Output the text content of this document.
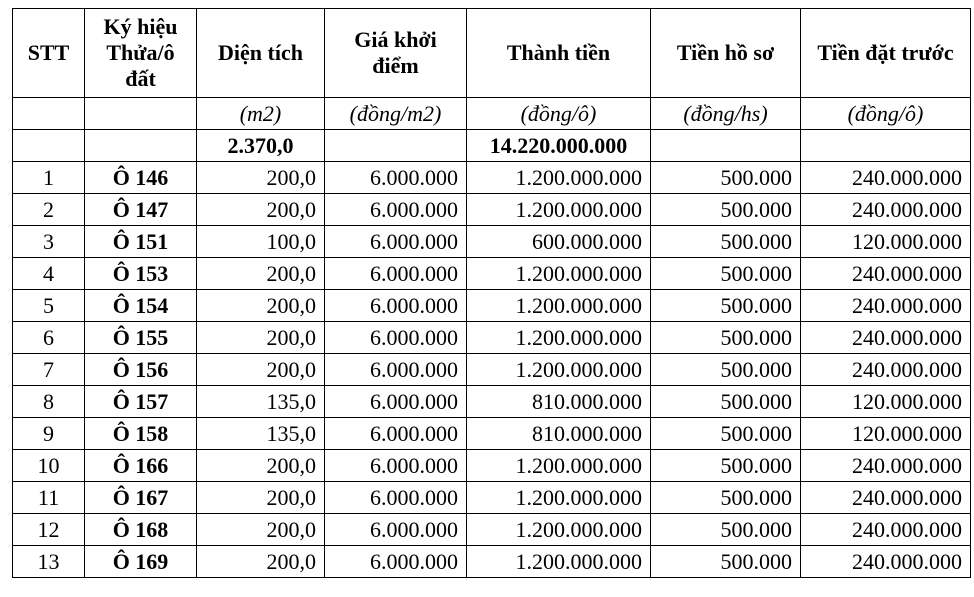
STT	Ký hiệu Thửa/ô đất	Diện tích	Giá khởi điểm	Thành tiền	Tiền hồ sơ	Tiền đặt trước
		(m2)	(đồng/m2)	(đồng/ô)	(đồng/hs)	(đồng/ô)
		2.370,0		14.220.000.000		
1	Ô 146	200,0	6.000.000	1.200.000.000	500.000	240.000.000
2	Ô 147	200,0	6.000.000	1.200.000.000	500.000	240.000.000
3	Ô 151	100,0	6.000.000	600.000.000	500.000	120.000.000
4	Ô 153	200,0	6.000.000	1.200.000.000	500.000	240.000.000
5	Ô 154	200,0	6.000.000	1.200.000.000	500.000	240.000.000
6	Ô 155	200,0	6.000.000	1.200.000.000	500.000	240.000.000
7	Ô 156	200,0	6.000.000	1.200.000.000	500.000	240.000.000
8	Ô 157	135,0	6.000.000	810.000.000	500.000	120.000.000
9	Ô 158	135,0	6.000.000	810.000.000	500.000	120.000.000
10	Ô 166	200,0	6.000.000	1.200.000.000	500.000	240.000.000
11	Ô 167	200,0	6.000.000	1.200.000.000	500.000	240.000.000
12	Ô 168	200,0	6.000.000	1.200.000.000	500.000	240.000.000
13	Ô 169	200,0	6.000.000	1.200.000.000	500.000	240.000.000
